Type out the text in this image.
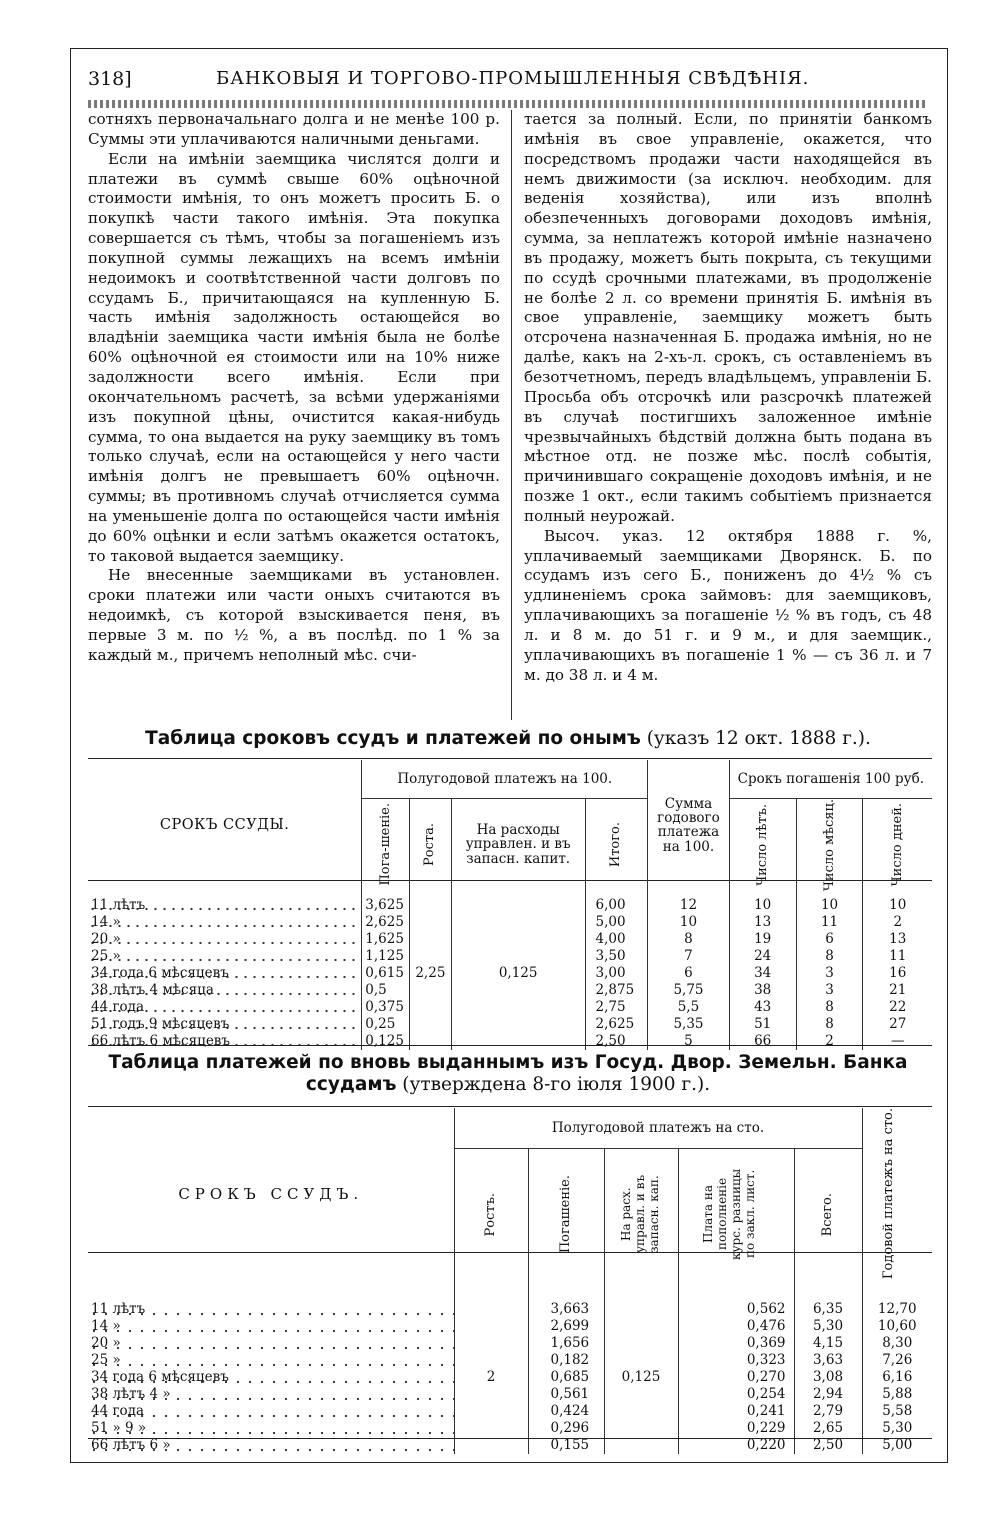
318]	БАНКОВЫЯ И ТОРГОВО-ПРОМЫШЛЕННЫЯ СВѢДѢНІЯ.

сотняхъ первоначальнаго долга и не менѣе 100 р. Суммы эти уплачиваются наличными деньгами.

Если на имѣніи заемщика числятся долги и платежи въ суммѣ свыше 60% оцѣночной стоимости имѣнія, то онъ можетъ просить Б. о покупкѣ части такого имѣнія. Эта покупка совершается съ тѣмъ, чтобы за погашеніемъ изъ покупной суммы лежащихъ на всемъ имѣніи недоимокъ и соотвѣтственной части долговъ по ссудамъ Б., причитающаяся на купленную Б. часть имѣнія задолжность остающейся во владѣніи заемщика части имѣнія была не болѣе 60% оцѣночной ея стоимости или на 10% ниже задолжности всего имѣнія. Если при окончательномъ расчетѣ, за всѣми удержаніями изъ покупной цѣны, очистится какая-нибудь сумма, то она выдается на руку заемщику въ томъ только случаѣ, если на остающейся у него части имѣнія долгъ не превышаетъ 60% оцѣночн. суммы; въ противномъ случаѣ отчисляется сумма на уменьшеніе долга по остающейся части имѣнія до 60% оцѣнки и если затѣмъ окажется остатокъ, то таковой выдается заемщику.

Не внесенные заемщиками въ установлен. сроки платежи или части оныхъ считаются въ недоимкѣ, съ которой взыскивается пеня, въ первые 3 м. по ½ %, а въ послѣд. по 1 % за каждый м., причемъ неполный мѣс. счи-

тается за полный. Если, по принятіи банкомъ имѣнія въ свое управленіе, окажется, что посредствомъ продажи части находящейся въ немъ движимости (за исключ. необходим. для веденія хозяйства), или изъ вполнѣ обезпеченныхъ договорами доходовъ имѣнія, сумма, за неплатежъ которой имѣніе назначено въ продажу, можетъ быть покрыта, съ текущими по ссудѣ срочными платежами, въ продолженіе не болѣе 2 л. со времени принятія Б. имѣнія въ свое управленіе, заемщику можетъ быть отсрочена назначенная Б. продажа имѣнія, но не далѣе, какъ на 2-хъ-л. срокъ, съ оставленіемъ въ безотчетномъ, передъ владѣльцемъ, управленіи Б. Просьба объ отсрочкѣ или разсрочкѣ платежей въ случаѣ постигшихъ заложенное имѣніе чрезвычайныхъ бѣдствій должна быть подана въ мѣстное отд. не позже мѣс. послѣ событія, причинившаго сокращеніе доходовъ имѣнія, и не позже 1 окт., если такимъ событіемъ признается полный неурожай.

Высоч. указ. 12 октября 1888 г. %, уплачиваемый заемщиками Дворянск. Б. по ссудамъ изъ сего Б., пониженъ до 4½ % съ удлиненіемъ срока займовъ: для заемщиковъ, уплачивающихъ за погашеніе ½ % въ годъ, съ 48 л. и 8 м. до 51 г. и 9 м., и для заемщик., уплачивающихъ въ погашеніе 1 % — съ 36 л. и 7 м. до 38 л. и 4 м.

Таблица сроковъ ссудъ и платежей по онымъ (указъ 12 окт. 1888 г.).
СРОКЪ ССУДЫ.	Полугодовой платежъ на 100.				Сумма годового платежа на 100.	Срокъ погашенія 100 руб.		

	Пога-шеніе.	Роста.	На расходы управлен. и въ запасн. капит.	Итого.		Число лѣтъ.	Число мѣсяц.	Число дней.

11 лѣтъ	3,625	2,25	0,125	6,00	12	10	10	10
14 »	2,625			5,00	10	13	11	2
20 »	1,625			4,00	8	19	6	13
25 »	1,125			3,50	7	24	8	11
34 года 6 мѣсяцевъ	0,615			3,00	6	34	3	16
38 лѣтъ 4 мѣсяца	0,5			2,875	5,75	38	3	21
44 года	0,375			2,75	5,5	43	8	22
51 годъ 9 мѣсяцевъ	0,25			2,625	5,35	51	8	27
66 лѣтъ 6 мѣсяцевъ	0,125			2,50	5	66	2	—
Таблица платежей по вновь выданнымъ изъ Госуд. Двор. Земельн. Банка ссудамъ (утверждена 8-го іюля 1900 г.).
СРОКЪ ССУДЪ.	Полугодовой платежъ на сто.					Годовой платежъ на сто.

	Ростъ.	Погашеніе.	На расх. управл. и въ запасн. кап.	Плата на пополненіе курс. разницы по закл. лист.	Всего.	

11 лѣтъ	2	3,663	0,125	0,562	6,35	12,70
14 »		2,699		0,476	5,30	10,60
20 »		1,656		0,369	4,15	8,30
25 »		0,182		0,323	3,63	7,26
34 года 6 мѣсяцевъ		0,685		0,270	3,08	6,16
38 лѣтъ 4 »		0,561		0,254	2,94	5,88
44 года		0,424		0,241	2,79	5,58
51 » 9 »		0,296		0,229	2,65	5,30
66 лѣтъ 6 »		0,155		0,220	2,50	5,00
